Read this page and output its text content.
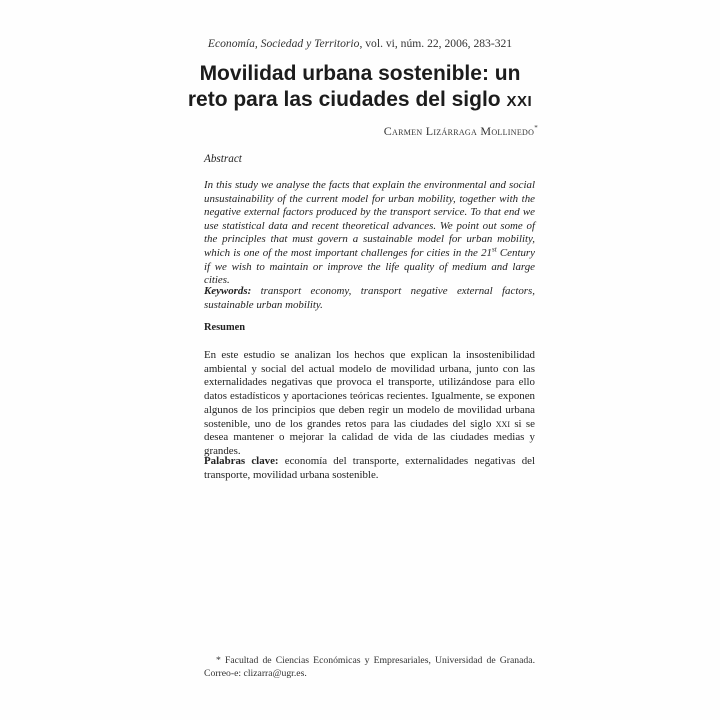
Economía, Sociedad y Territorio, vol. vi, núm. 22, 2006, 283-321
Movilidad urbana sostenible: un
reto para las ciudades del siglo XXI
Carmen Lizárraga Mollinedo*
Abstract
In this study we analyse the facts that explain the environmental and social unsustainability of the current model for urban mobility, together with the negative external factors produced by the transport service. To that end we use statistical data and recent theoretical advances. We point out some of the principles that must govern a sustainable model for urban mobility, which is one of the most important challenges for cities in the 21st Century if we wish to maintain or improve the life quality of medium and large cities.
Keywords: transport economy, transport negative external factors, sustainable urban mobility.
Resumen
En este estudio se analizan los hechos que explican la insostenibilidad ambiental y social del actual modelo de movilidad urbana, junto con las externalidades negativas que provoca el transporte, utilizándose para ello datos estadísticos y aportaciones teóricas recientes. Igualmente, se exponen algunos de los principios que deben regir un modelo de movilidad urbana sostenible, uno de los grandes retos para las ciudades del siglo xxi si se desea mantener o mejorar la calidad de vida de las ciudades medias y grandes.
Palabras clave: economía del transporte, externalidades negativas del transporte, movilidad urbana sostenible.
* Facultad de Ciencias Económicas y Empresariales, Universidad de Granada. Correo-e: clizarra@ugr.es.
